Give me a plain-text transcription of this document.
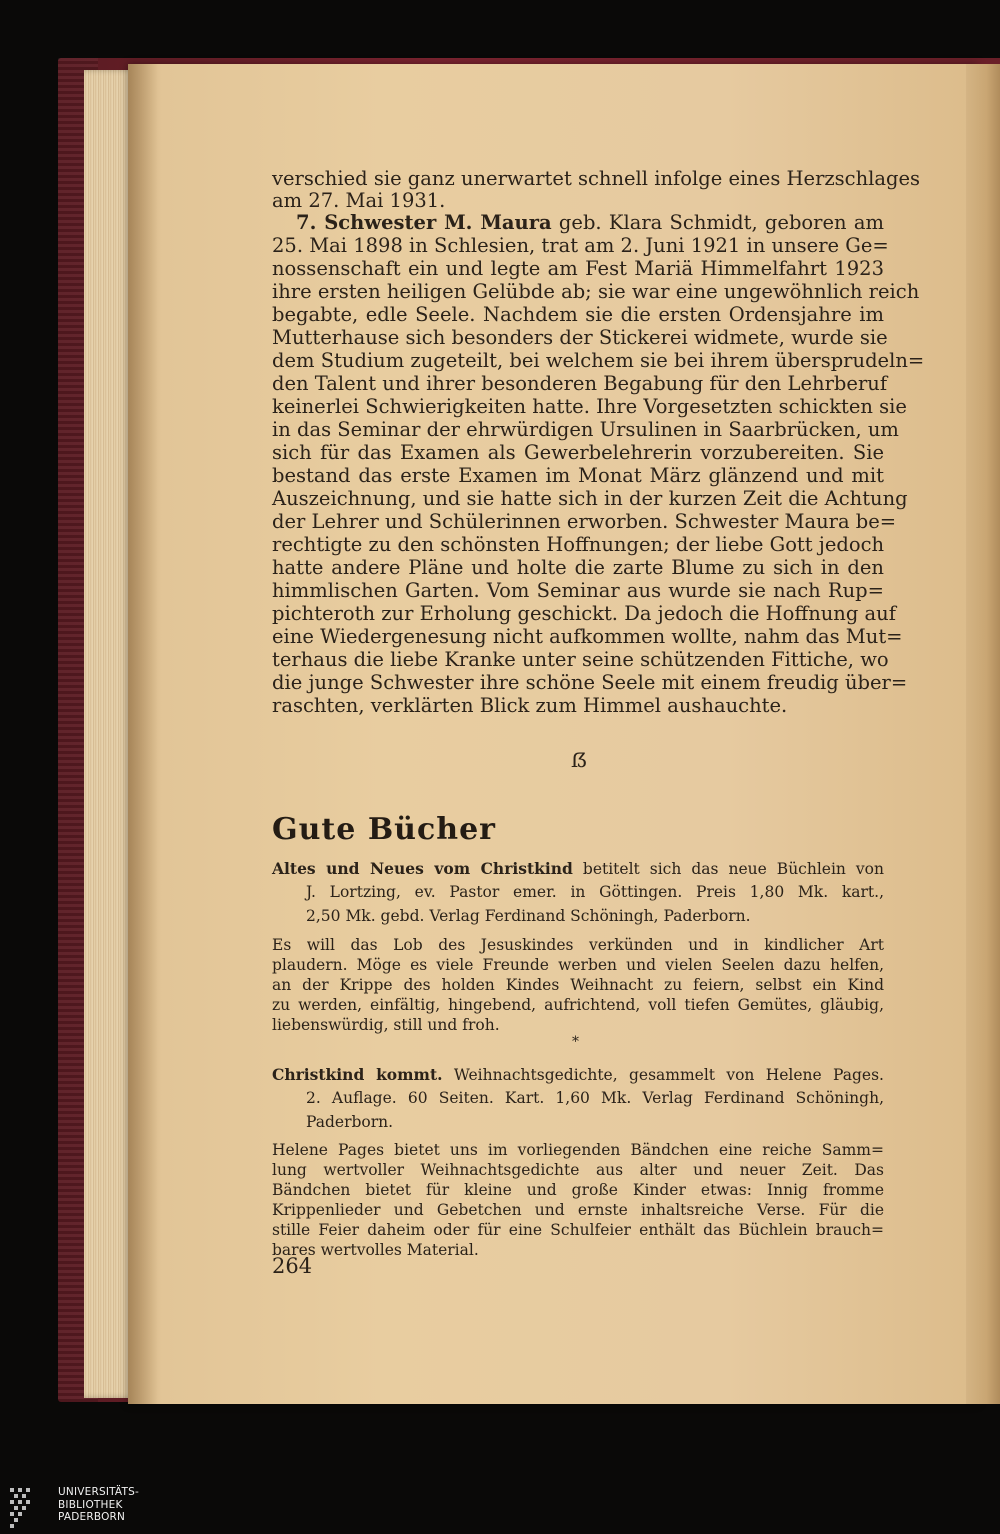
verschied sie ganz unerwartet schnell infolge eines Herzschlages
am 27. Mai 1931.
7. Schwester M. Maura geb. Klara Schmidt, geboren am
25. Mai 1898 in Schlesien, trat am 2. Juni 1921 in unsere Ge=
nossenschaft ein und legte am Fest Mariä Himmelfahrt 1923
ihre ersten heiligen Gelübde ab; sie war eine ungewöhnlich reich
begabte, edle Seele. Nachdem sie die ersten Ordensjahre im
Mutterhause sich besonders der Stickerei widmete, wurde sie
dem Studium zugeteilt, bei welchem sie bei ihrem übersprudeln=
den Talent und ihrer besonderen Begabung für den Lehrberuf
keinerlei Schwierigkeiten hatte. Ihre Vorgesetzten schickten sie
in das Seminar der ehrwürdigen Ursulinen in Saarbrücken, um
sich für das Examen als Gewerbelehrerin vorzubereiten. Sie
bestand das erste Examen im Monat März glänzend und mit
Auszeichnung, und sie hatte sich in der kurzen Zeit die Achtung
der Lehrer und Schülerinnen erworben. Schwester Maura be=
rechtigte zu den schönsten Hoffnungen; der liebe Gott jedoch
hatte andere Pläne und holte die zarte Blume zu sich in den
himmlischen Garten. Vom Seminar aus wurde sie nach Rup=
pichteroth zur Erholung geschickt. Da jedoch die Hoffnung auf
eine Wiedergenesung nicht aufkommen wollte, nahm das Mut=
terhaus die liebe Kranke unter seine schützenden Fittiche, wo
die junge Schwester ihre schöne Seele mit einem freudig über=
raschten, verklärten Blick zum Himmel aushauchte.
ẞ
Gute Bücher
Altes und Neues vom Christkind betitelt sich das neue Büchlein von
J. Lortzing, ev. Pastor emer. in Göttingen. Preis 1,80 Mk. kart.,
2,50 Mk. gebd. Verlag Ferdinand Schöningh, Paderborn.
Es will das Lob des Jesuskindes verkünden und in kindlicher Art
plaudern. Möge es viele Freunde werben und vielen Seelen dazu helfen,
an der Krippe des holden Kindes Weihnacht zu feiern, selbst ein Kind
zu werden, einfältig, hingebend, aufrichtend, voll tiefen Gemütes, gläubig,
liebenswürdig, still und froh.
*
Christkind kommt. Weihnachtsgedichte, gesammelt von Helene Pages.
2. Auflage. 60 Seiten. Kart. 1,60 Mk. Verlag Ferdinand Schöningh,
Paderborn.
Helene Pages bietet uns im vorliegenden Bändchen eine reiche Samm=
lung wertvoller Weihnachtsgedichte aus alter und neuer Zeit. Das
Bändchen bietet für kleine und große Kinder etwas: Innig fromme
Krippenlieder und Gebetchen und ernste inhaltsreiche Verse. Für die
stille Feier daheim oder für eine Schulfeier enthält das Büchlein brauch=
bares wertvolles Material.
264
UNIVERSITÄTS-
BIBLIOTHEK
PADERBORN
